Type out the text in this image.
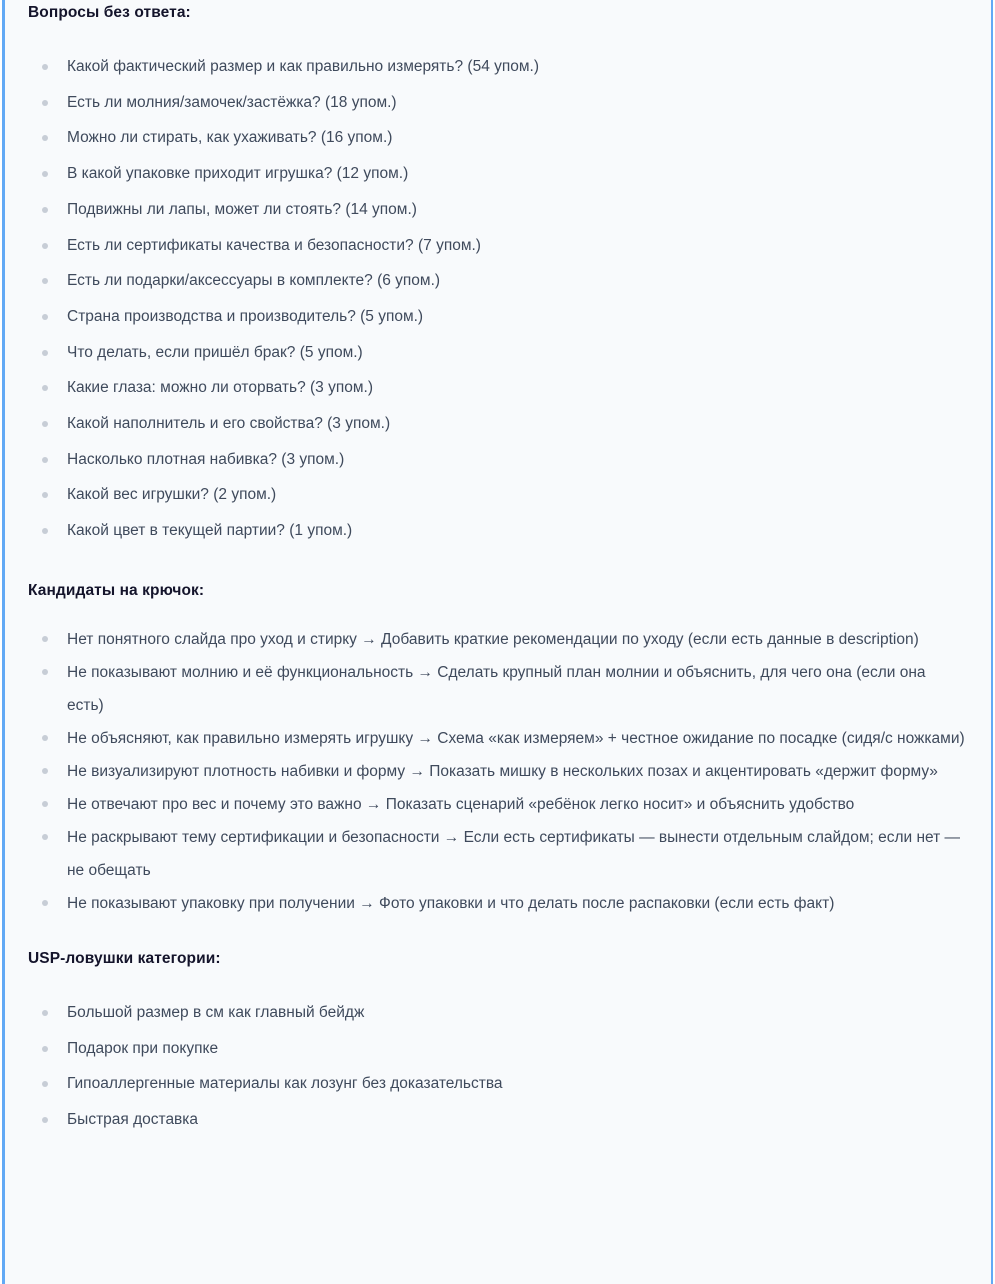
Вопросы без ответа:
Какой фактический размер и как правильно измерять? (54 упом.)
Есть ли молния/замочек/застёжка? (18 упом.)
Можно ли стирать, как ухаживать? (16 упом.)
В какой упаковке приходит игрушка? (12 упом.)
Подвижны ли лапы, может ли стоять? (14 упом.)
Есть ли сертификаты качества и безопасности? (7 упом.)
Есть ли подарки/аксессуары в комплекте? (6 упом.)
Страна производства и производитель? (5 упом.)
Что делать, если пришёл брак? (5 упом.)
Какие глаза: можно ли оторвать? (3 упом.)
Какой наполнитель и его свойства? (3 упом.)
Насколько плотная набивка? (3 упом.)
Какой вес игрушки? (2 упом.)
Какой цвет в текущей партии? (1 упом.)
Кандидаты на крючок:
Нет понятного слайда про уход и стирку → Добавить краткие рекомендации по уходу (если есть данные в description)
Не показывают молнию и её функциональность → Сделать крупный план молнии и объяснить, для чего она (если она есть)
Не объясняют, как правильно измерять игрушку → Схема «как измеряем» + честное ожидание по посадке (сидя/с ножками)
Не визуализируют плотность набивки и форму → Показать мишку в нескольких позах и акцентировать «держит форму»
Не отвечают про вес и почему это важно → Показать сценарий «ребёнок легко носит» и объяснить удобство
Не раскрывают тему сертификации и безопасности → Если есть сертификаты — вынести отдельным слайдом; если нет — не обещать
Не показывают упаковку при получении → Фото упаковки и что делать после распаковки (если есть факт)
USP-ловушки категории:
Большой размер в см как главный бейдж
Подарок при покупке
Гипоаллергенные материалы как лозунг без доказательства
Быстрая доставка
